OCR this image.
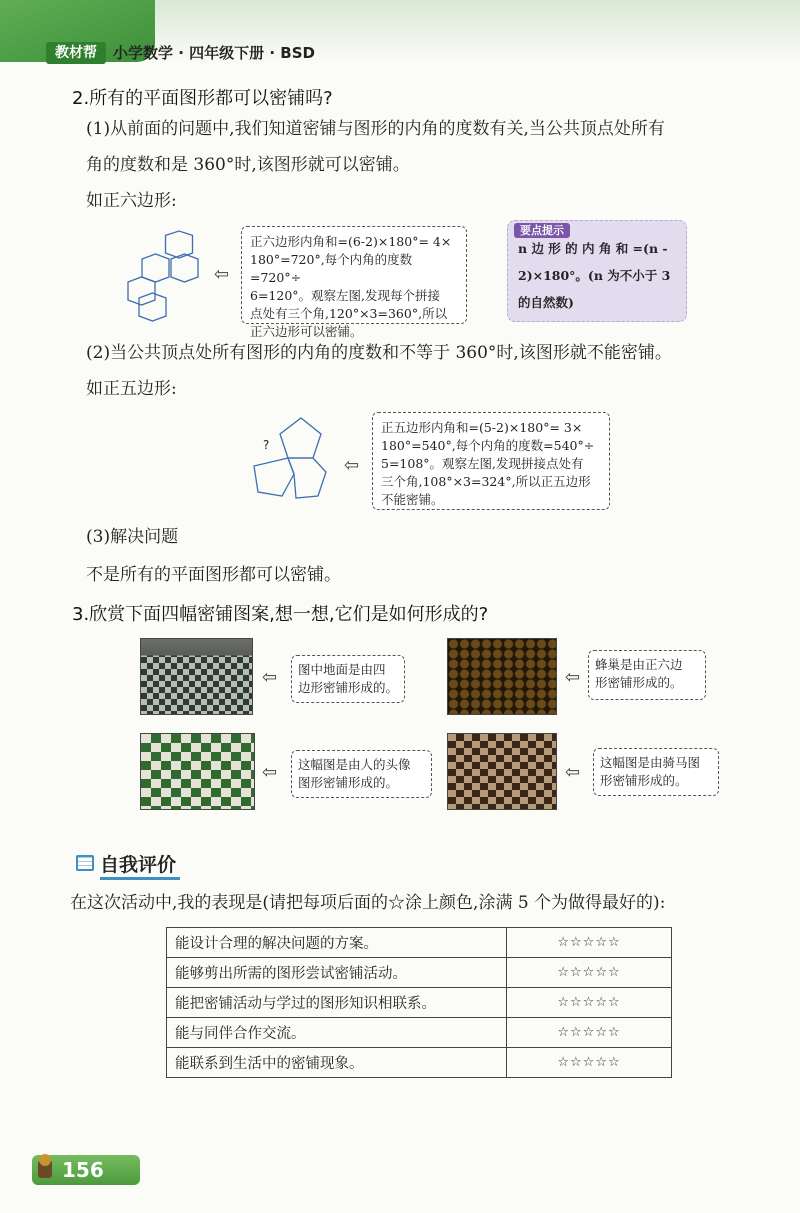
教材帮	小学数学 · 四年级下册 · BSD
2.所有的平面图形都可以密铺吗?
(1)从前面的问题中,我们知道密铺与图形的内角的度数有关,当公共顶点处所有
角的度数和是 360°时,该图形就可以密铺。
如正六边形:
⇦
正六边形内角和=(6-2)×180°= 4×
180°=720°,每个内角的度数=720°÷
6=120°。观察左图,发现每个拼接
点处有三个角,120°×3=360°,所以
正六边形可以密铺。
要点提示
n 边 形 的 内 角 和 =(n -
2)×180°。(n 为不小于 3
的自然数)
(2)当公共顶点处所有图形的内角的度数和不等于 360°时,该图形就不能密铺。
如正五边形:
?
⇦
正五边形内角和=(5-2)×180°= 3×
180°=540°,每个内角的度数=540°÷
5=108°。观察左图,发现拼接点处有
三个角,108°×3=324°,所以正五边形
不能密铺。
(3)解决问题
不是所有的平面图形都可以密铺。
3.欣赏下面四幅密铺图案,想一想,它们是如何形成的?
⇦ 图中地面是由四
边形密铺形成的。	⇦
蜂巢是由正六边
形密铺形成的。
⇦ 这幅图是由人的头像
图形密铺形成的。	⇦ 这幅图是由骑马图
形密铺形成的。
自我评价
在这次活动中,我的表现是(请把每项后面的☆涂上颜色,涂满 5 个为做得最好的):
能设计合理的解决问题的方案。	☆☆☆☆☆
能够剪出所需的图形尝试密铺活动。	☆☆☆☆☆
能把密铺活动与学过的图形知识相联系。	☆☆☆☆☆
能与同伴合作交流。	☆☆☆☆☆
能联系到生活中的密铺现象。	☆☆☆☆☆
156
